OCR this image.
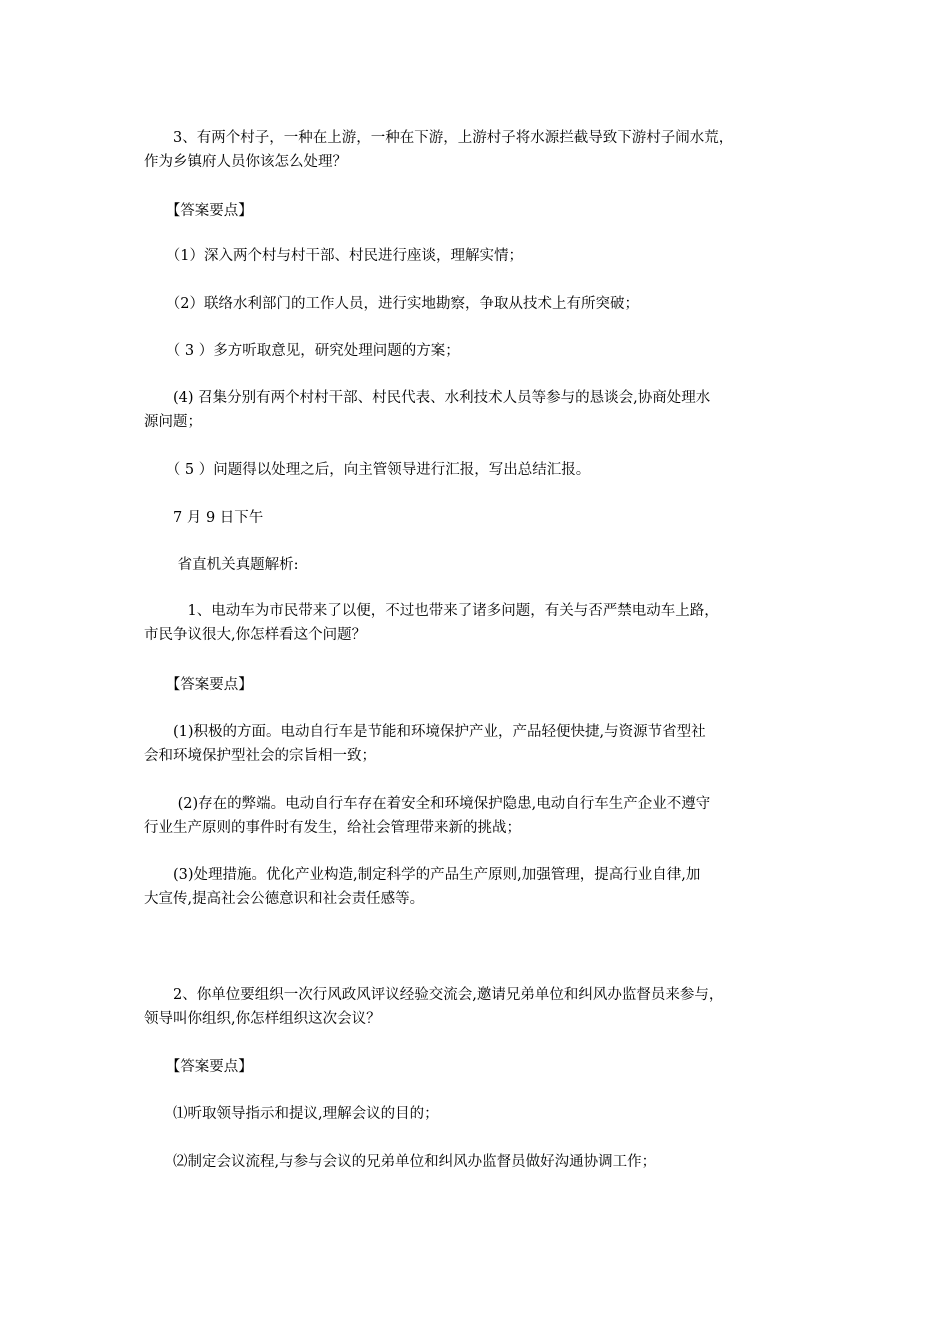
　　3、有两个村子，一种在上游，一种在下游，上游村子将水源拦截导致下游村子闹水荒，
作为乡镇府人员你该怎么处理？
　　【答案要点】
　　（1）深入两个村与村干部、村民进行座谈，理解实情；
　　（2）联络水利部门的工作人员，进行实地勘察，争取从技术上有所突破；
　　（ 3 ）多方听取意见，研究处理问题的方案；
　　(4) 召集分别有两个村村干部、村民代表、水利技术人员等参与的恳谈会,协商处理水
源问题；
　　（ 5 ）问题得以处理之后，向主管领导进行汇报，写出总结汇报。
　　7 月 9 日下午
　　 省直机关真题解析:
　　　1、电动车为市民带来了以便，不过也带来了诸多问题，有关与否严禁电动车上路，
市民争议很大,你怎样看这个问题？
　　【答案要点】
　　(1)积极的方面。电动自行车是节能和环境保护产业，产品轻便快捷,与资源节省型社
会和环境保护型社会的宗旨相一致；
　　 (2)存在的弊端。电动自行车存在着安全和环境保护隐患,电动自行车生产企业不遵守
行业生产原则的事件时有发生，给社会管理带来新的挑战；
　　(3)处理措施。优化产业构造,制定科学的产品生产原则,加强管理，提高行业自律,加
大宣传,提高社会公德意识和社会责任感等。
　　2、你单位要组织一次行风政风评议经验交流会,邀请兄弟单位和纠风办监督员来参与，
领导叫你组织,你怎样组织这次会议？
　　【答案要点】
　　⑴听取领导指示和提议,理解会议的目的；
　　⑵制定会议流程,与参与会议的兄弟单位和纠风办监督员做好沟通协调工作；
